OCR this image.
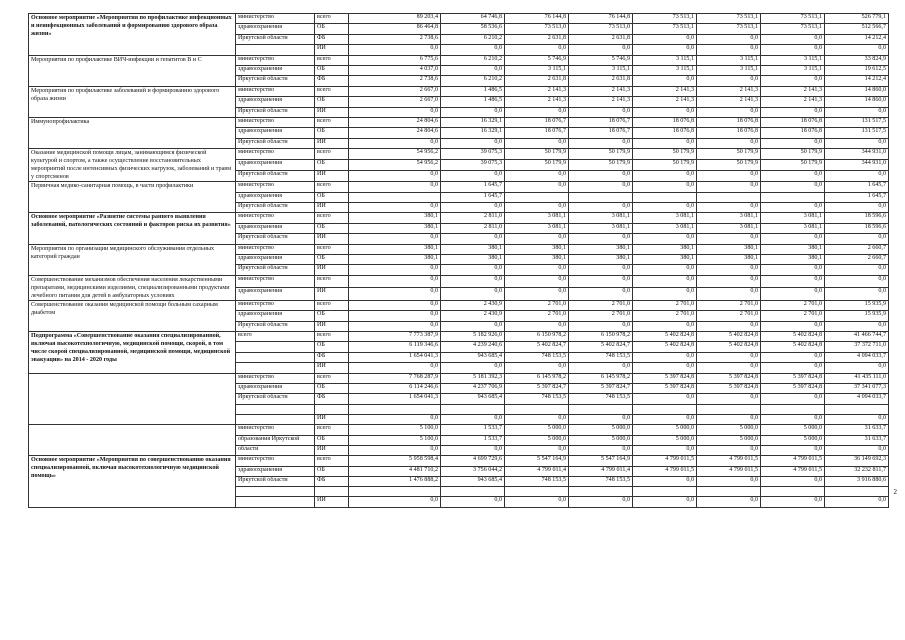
Основное мероприятие «Мероприятия по профилактике инфекционных и неинфекционных заболеваний и формированию здорового образа жизни»	министерство	всего	89 203,4	64 746,8	76 144,8	76 144,8	73 513,1	73 513,1	73 513,1	526 779,1
	здравоохранения	ОБ	86 464,8	58 536,6	73 513,0	73 513,0	73 513,1	73 513,1	73 513,1	512 566,7
	Иркутской области	ФБ	2 738,6	6 210,2	2 631,8	2 631,8	0,0	0,0	0,0	14 212,4
		ИИ	0,0	0,0	0,0	0,0	0,0	0,0	0,0	0,0
Мероприятия по профилактике ВИЧ-инфекции и гепатитов В и С	министерство	всего	6 775,6	6 210,2	5 746,9	5 746,9	3 115,1	3 115,1	3 115,1	33 824,9
	здравоохранения	ОБ	4 037,0	0,0	3 115,1	3 115,1	3 115,1	3 115,1	3 115,1	19 612,5
	Иркутской области	ФБ	2 738,6	6 210,2	2 631,8	2 631,8	0,0	0,0	0,0	14 212,4
Мероприятия по профилактике заболеваний и формированию здорового образа жизни	министерство	всего	2 667,0	1 486,5	2 141,3	2 141,3	2 141,3	2 141,3	2 141,3	14 860,0
	здравоохранения	ОБ	2 667,0	1 486,5	2 141,3	2 141,3	2 141,3	2 141,3	2 141,3	14 860,0
	Иркутской области	ИИ	0,0	0,0	0,0	0,0	0,0	0,0	0,0	0,0
Иммунопрофилактика	министерство	всего	24 804,6	16 329,1	18 076,7	18 076,7	18 076,8	18 076,8	18 076,8	131 517,5
	здравоохранения	ОБ	24 804,6	16 329,1	18 076,7	18 076,7	18 076,8	18 076,8	18 076,8	131 517,5
	Иркутской области	ИИ	0,0	0,0	0,0	0,0	0,0	0,0	0,0	0,0
Оказание медицинской помощи лицам, занимающимся физической культурой и спортом, а также осуществление восстановительных мероприятий после интенсивных физических нагрузок, заболеваний и травм у спортсменов	министерство	всего	54 956,2	39 075,3	50 179,9	50 179,9	50 179,9	50 179,9	50 179,9	344 931,0
	здравоохранения	ОБ	54 956,2	39 075,3	50 179,9	50 179,9	50 179,9	50 179,9	50 179,9	344 931,0
	Иркутской области	ИИ	0,0	0,0	0,0	0,0	0,0	0,0	0,0	0,0
Первичная медико-санитарная помощь, в части профилактики	министерство	всего	0,0	1 645,7	0,0	0,0	0,0	0,0	0,0	1 645,7
	здравоохранения	ОБ		1 645,7						1 645,7
	Иркутской области	ИИ	0,0	0,0	0,0	0,0	0,0	0,0	0,0	0,0
Основное мероприятие «Развитие системы раннего выявления заболеваний, патологических состояний и факторов риска их развития»	министерство	всего	380,1	2 811,0	3 081,1	3 081,1	3 081,1	3 081,1	3 081,1	18 596,6
	здравоохранения	ОБ	380,1	2 811,0	3 081,1	3 081,1	3 081,1	3 081,1	3 081,1	18 596,6
	Иркутской области	ИИ	0,0	0,0	0,0	0,0	0,0	0,0	0,0	0,0
Мероприятия по организации медицинского обслуживания отдельных категорий граждан	министерство	всего	380,1	380,1	380,1	380,1	380,1	380,1	380,1	2 660,7
	здравоохранения	ОБ	380,1	380,1	380,1	380,1	380,1	380,1	380,1	2 660,7
	Иркутской области	ИИ	0,0	0,0	0,0	0,0	0,0	0,0	0,0	0,0
Совершенствование механизмов обеспечения населения лекарственными препаратами, медицинскими изделиями, специализированными продуктами лечебного питания для детей в амбулаторных условиях	министерство	всего	0,0	0,0	0,0	0,0	0,0	0,0	0,0	0,0
	здравоохранения	ИИ	0,0	0,0	0,0	0,0	0,0	0,0	0,0	0,0
Совершенствование оказания медицинской помощи больным сахарным диабетом	министерство	всего	0,0	2 430,9	2 701,0	2 701,0	2 701,0	2 701,0	2 701,0	15 935,9
	здравоохранения	ОБ	0,0	2 430,9	2 701,0	2 701,0	2 701,0	2 701,0	2 701,0	15 935,9
	Иркутской области	ИИ	0,0	0,0	0,0	0,0	0,0	0,0	0,0	0,0
Подпрограмма «Совершенствование оказания специализированной, включая высокотехнологичную, медицинской помощи, скорой, в том числе скорой специализированной, медицинской помощи, медицинской эвакуации» на 2014 - 2020 годы	всего	всего	7 773 387,9	5 182 926,0	6 150 978,2	6 150 978,2	5 402 824,8	5 402 824,8	5 402 824,8	41 466 744,7
		ОБ	6 119 346,6	4 239 240,6	5 402 824,7	5 402 824,7	5 402 824,8	5 402 824,8	5 402 824,8	37 372 711,0
		ФБ	1 654 041,3	943 685,4	748 153,5	748 153,5	0,0	0,0	0,0	4 094 033,7
		ИИ	0,0	0,0	0,0	0,0	0,0	0,0	0,0	0,0
	министерство	всего	7 768 287,9	5 181 392,3	6 145 978,2	6 145 978,2	5 397 824,8	5 397 824,8	5 397 824,8	41 435 111,0
	здравоохранения	ОБ	6 114 246,6	4 237 706,9	5 397 824,7	5 397 824,7	5 397 824,8	5 397 824,8	5 397 824,8	37 341 077,3
	Иркутской области	ФБ	1 654 041,3	943 685,4	748 153,5	748 153,5	0,0	0,0	0,0	4 094 033,7

		ИИ	0,0	0,0	0,0	0,0	0,0	0,0	0,0	0,0
	министерство	всего	5 100,0	1 533,7	5 000,0	5 000,0	5 000,0	5 000,0	5 000,0	31 633,7
	образования Иркутской	ОБ	5 100,0	1 533,7	5 000,0	5 000,0	5 000,0	5 000,0	5 000,0	31 633,7
	области	ИИ	0,0	0,0	0,0	0,0	0,0	0,0	0,0	0,0
Основное мероприятие «Мероприятия по совершенствованию оказания специализированной, включая высокотехнологичную медицинской помощь»	министерство	всего	5 958 598,4	4 699 729,6	5 547 164,9	5 547 164,9	4 799 011,5	4 799 011,5	4 799 011,5	36 149 692,3
	здравоохранения	ОБ	4 481 710,2	3 756 044,2	4 799 011,4	4 799 011,4	4 799 011,5	4 799 011,5	4 799 011,5	32 232 811,7
	Иркутской области	ФБ	1 476 888,2	943 685,4	748 153,5	748 153,5	0,0	0,0	0,0	3 916 880,6

		ИИ	0,0	0,0	0,0	0,0	0,0	0,0	0,0	0,0
2
